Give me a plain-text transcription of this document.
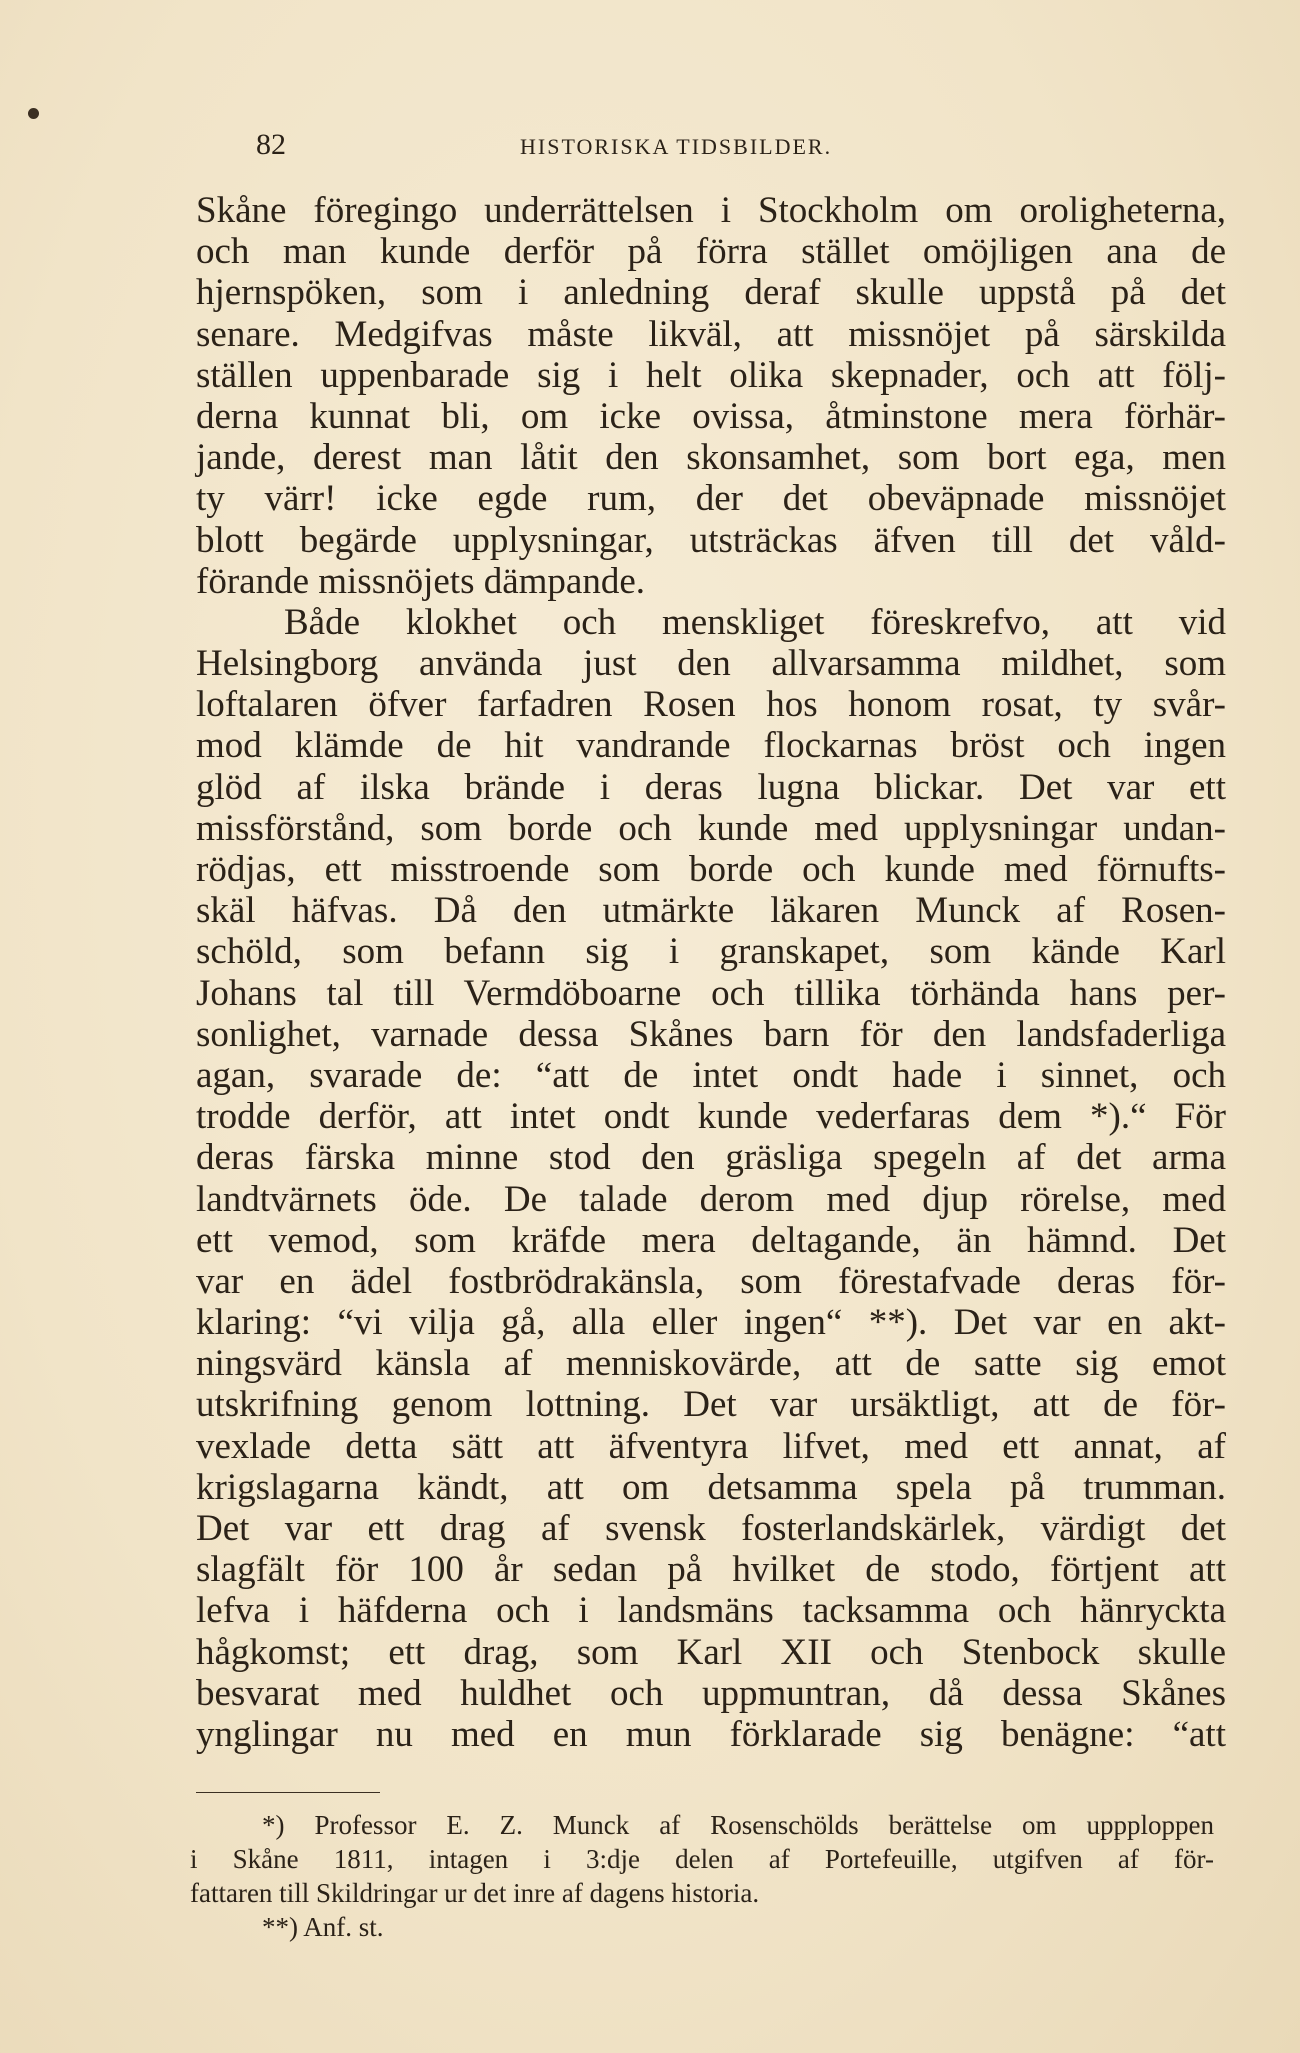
82	HISTORISKA TIDSBILDER.
Skåne föregingo underrättelsen i Stockholm om oroligheterna,
och man kunde derför på förra stället omöjligen ana de
hjernspöken, som i anledning deraf skulle uppstå på det
senare. Medgifvas måste likväl, att missnöjet på särskilda
ställen uppenbarade sig i helt olika skepnader, och att följ-
derna kunnat bli, om icke ovissa, åtminstone mera förhär-
jande, derest man låtit den skonsamhet, som bort ega, men
ty värr! icke egde rum, der det obeväpnade missnöjet
blott begärde upplysningar, utsträckas äfven till det våld-
förande missnöjets dämpande.
Både klokhet och menskliget föreskrefvo, att vid
Helsingborg använda just den allvarsamma mildhet, som
loftalaren öfver farfadren Rosen hos honom rosat, ty svår-
mod klämde de hit vandrande flockarnas bröst och ingen
glöd af ilska brände i deras lugna blickar. Det var ett
missförstånd, som borde och kunde med upplysningar undan-
rödjas, ett misstroende som borde och kunde med förnufts-
skäl häfvas. Då den utmärkte läkaren Munck af Rosen-
schöld, som befann sig i granskapet, som kände Karl
Johans tal till Vermdöboarne och tillika törhända hans per-
sonlighet, varnade dessa Skånes barn för den landsfaderliga
agan, svarade de: “att de intet ondt hade i sinnet, och
trodde derför, att intet ondt kunde vederfaras dem *).“ För
deras färska minne stod den gräsliga spegeln af det arma
landtvärnets öde. De talade derom med djup rörelse, med
ett vemod, som kräfde mera deltagande, än hämnd. Det
var en ädel fostbrödrakänsla, som förestafvade deras för-
klaring: “vi vilja gå, alla eller ingen“ **). Det var en akt-
ningsvärd känsla af menniskovärde, att de satte sig emot
utskrifning genom lottning. Det var ursäktligt, att de för-
vexlade detta sätt att äfventyra lifvet, med ett annat, af
krigslagarna kändt, att om detsamma spela på trumman.
Det var ett drag af svensk fosterlandskärlek, värdigt det
slagfält för 100 år sedan på hvilket de stodo, förtjent att
lefva i häfderna och i landsmäns tacksamma och hänryckta
hågkomst; ett drag, som Karl XII och Stenbock skulle
besvarat med huldhet och uppmuntran, då dessa Skånes
ynglingar nu med en mun förklarade sig benägne: “att
*) Professor E. Z. Munck af Rosenschölds berättelse om uppploppen
i Skåne 1811, intagen i 3:dje delen af Portefeuille, utgifven af för-
fattaren till Skildringar ur det inre af dagens historia.
**) Anf. st.
